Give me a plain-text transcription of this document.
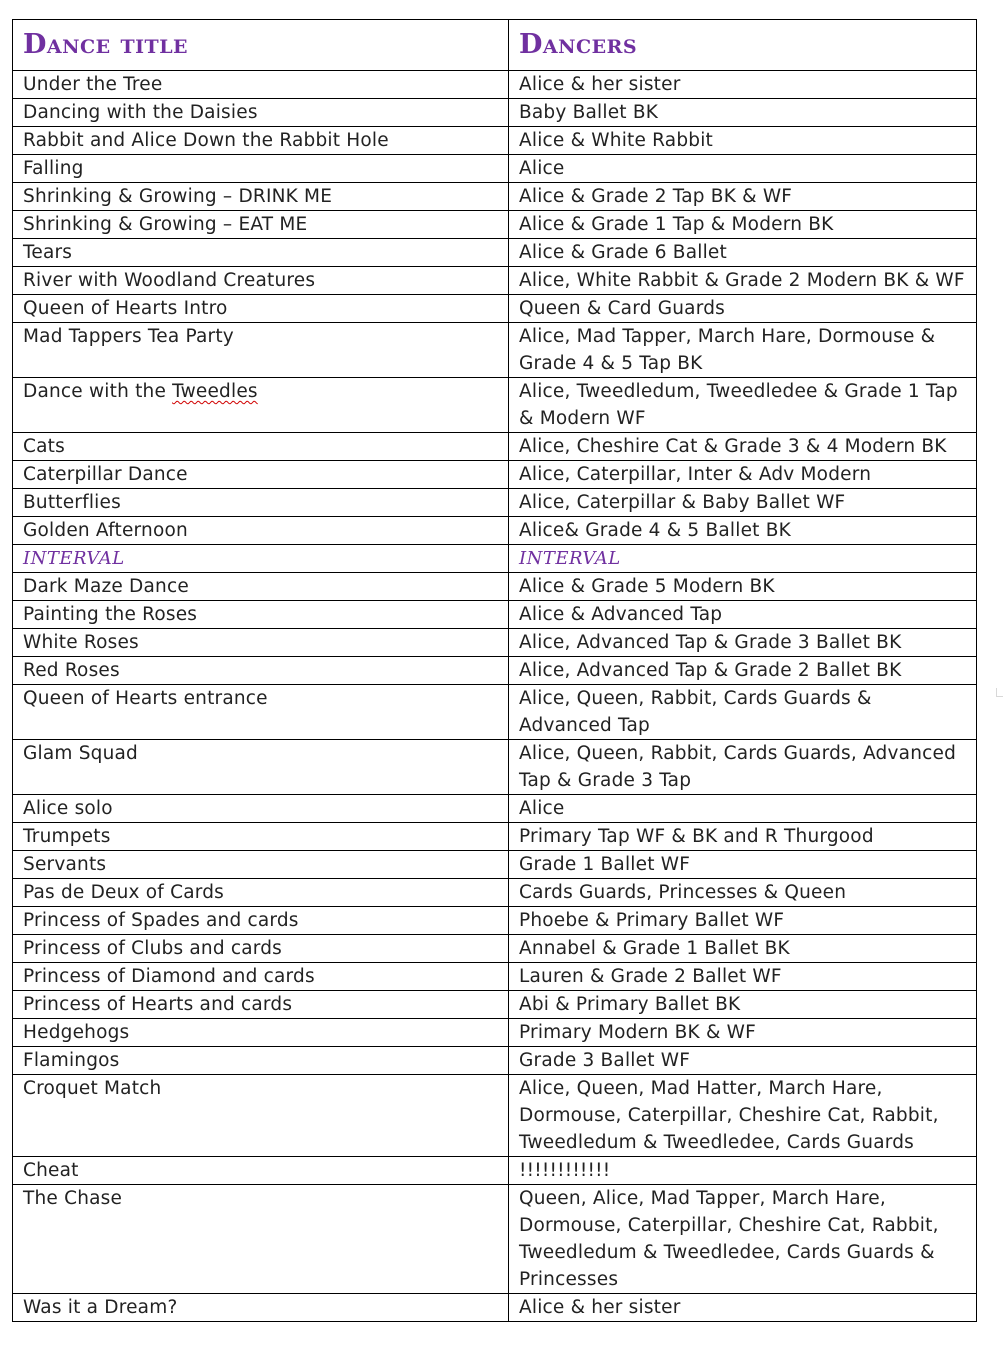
Dance title	Dancers
Under the Tree	Alice & her sister
Dancing with the Daisies	Baby Ballet BK
Rabbit and Alice Down the Rabbit Hole	Alice & White Rabbit
Falling	Alice
Shrinking & Growing – DRINK ME	Alice & Grade 2 Tap BK & WF
Shrinking & Growing – EAT ME	Alice & Grade 1 Tap & Modern BK
Tears	Alice & Grade 6 Ballet
River with Woodland Creatures	Alice, White Rabbit & Grade 2 Modern BK & WF
Queen of Hearts Intro	Queen & Card Guards
Mad Tappers Tea Party	Alice, Mad Tapper, March Hare, Dormouse & Grade 4 & 5 Tap BK
Dance with the Tweedles	Alice, Tweedledum, Tweedledee & Grade 1 Tap & Modern WF
Cats	Alice, Cheshire Cat & Grade 3 & 4 Modern BK
Caterpillar Dance	Alice, Caterpillar, Inter & Adv Modern
Butterflies	Alice, Caterpillar & Baby Ballet WF
Golden Afternoon	Alice& Grade 4 & 5 Ballet BK
INTERVAL	INTERVAL
Dark Maze Dance	Alice & Grade 5 Modern BK
Painting the Roses	Alice & Advanced Tap
White Roses	Alice, Advanced Tap & Grade 3 Ballet BK
Red Roses	Alice, Advanced Tap & Grade 2 Ballet BK
Queen of Hearts entrance	Alice, Queen, Rabbit, Cards Guards & Advanced Tap
Glam Squad	Alice, Queen, Rabbit, Cards Guards, Advanced Tap & Grade 3 Tap
Alice solo	Alice
Trumpets	Primary Tap WF & BK and R Thurgood
Servants	Grade 1 Ballet WF
Pas de Deux of Cards	Cards Guards, Princesses & Queen
Princess of Spades and cards	Phoebe & Primary Ballet WF
Princess of Clubs and cards	Annabel & Grade 1 Ballet BK
Princess of Diamond and cards	Lauren & Grade 2 Ballet WF
Princess of Hearts and cards	Abi & Primary Ballet BK
Hedgehogs	Primary Modern BK & WF
Flamingos	Grade 3 Ballet WF
Croquet Match	Alice, Queen, Mad Hatter, March Hare, Dormouse, Caterpillar, Cheshire Cat, Rabbit, Tweedledum & Tweedledee, Cards Guards
Cheat	!!!!!!!!!!!!
The Chase	Queen, Alice, Mad Tapper, March Hare, Dormouse, Caterpillar, Cheshire Cat, Rabbit, Tweedledum & Tweedledee, Cards Guards & Princesses
Was it a Dream?	Alice & her sister
